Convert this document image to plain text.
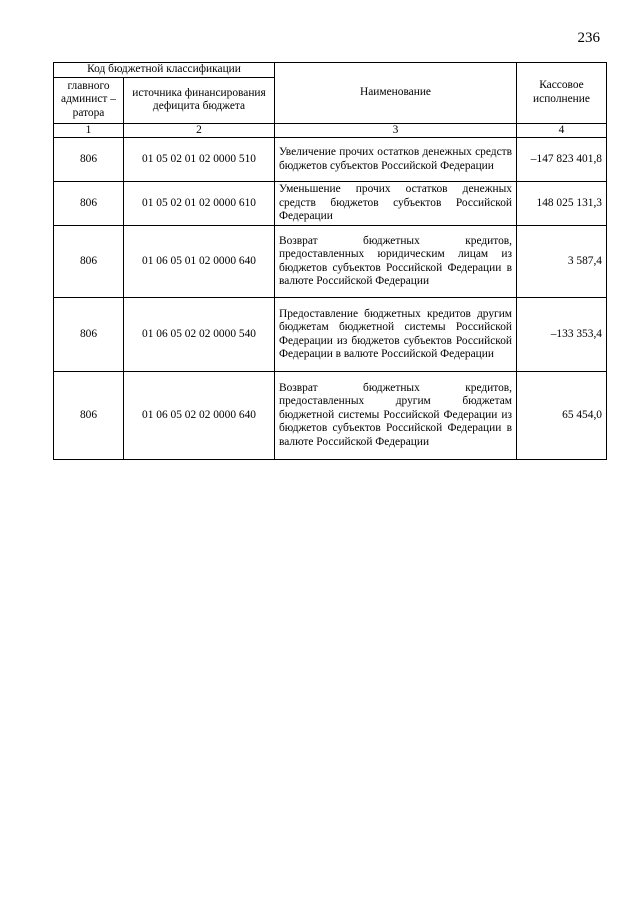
236
Код бюджетной классификации		Наименование	Кассовое исполнение
главного админист –ратора	источника финансирования дефицита бюджета		
1	2	3	4
806	01 05 02 01 02 0000 510	Увеличение прочих остатков денежных средств бюджетов субъектов Российской Федерации	–147 823 401,8
806	01 05 02 01 02 0000 610	Уменьшение прочих остатков денежных средств бюджетов субъектов Российской Федерации	148 025 131,3
806	01 06 05 01 02 0000 640	Возврат бюджетных кредитов, предоставленных юридическим лицам из бюджетов субъектов Российской Федерации в валюте Российской Федерации	3 587,4
806	01 06 05 02 02 0000 540	Предоставление бюджетных кредитов другим бюджетам бюджетной системы Российской Федерации из бюджетов субъектов Российской Федерации в валюте Российской Федерации	–133 353,4
806	01 06 05 02 02 0000 640	Возврат бюджетных кредитов, предоставленных другим бюджетам бюджетной системы Российской Федерации из бюджетов субъектов Российской Федерации в валюте Российской Федерации	65 454,0
